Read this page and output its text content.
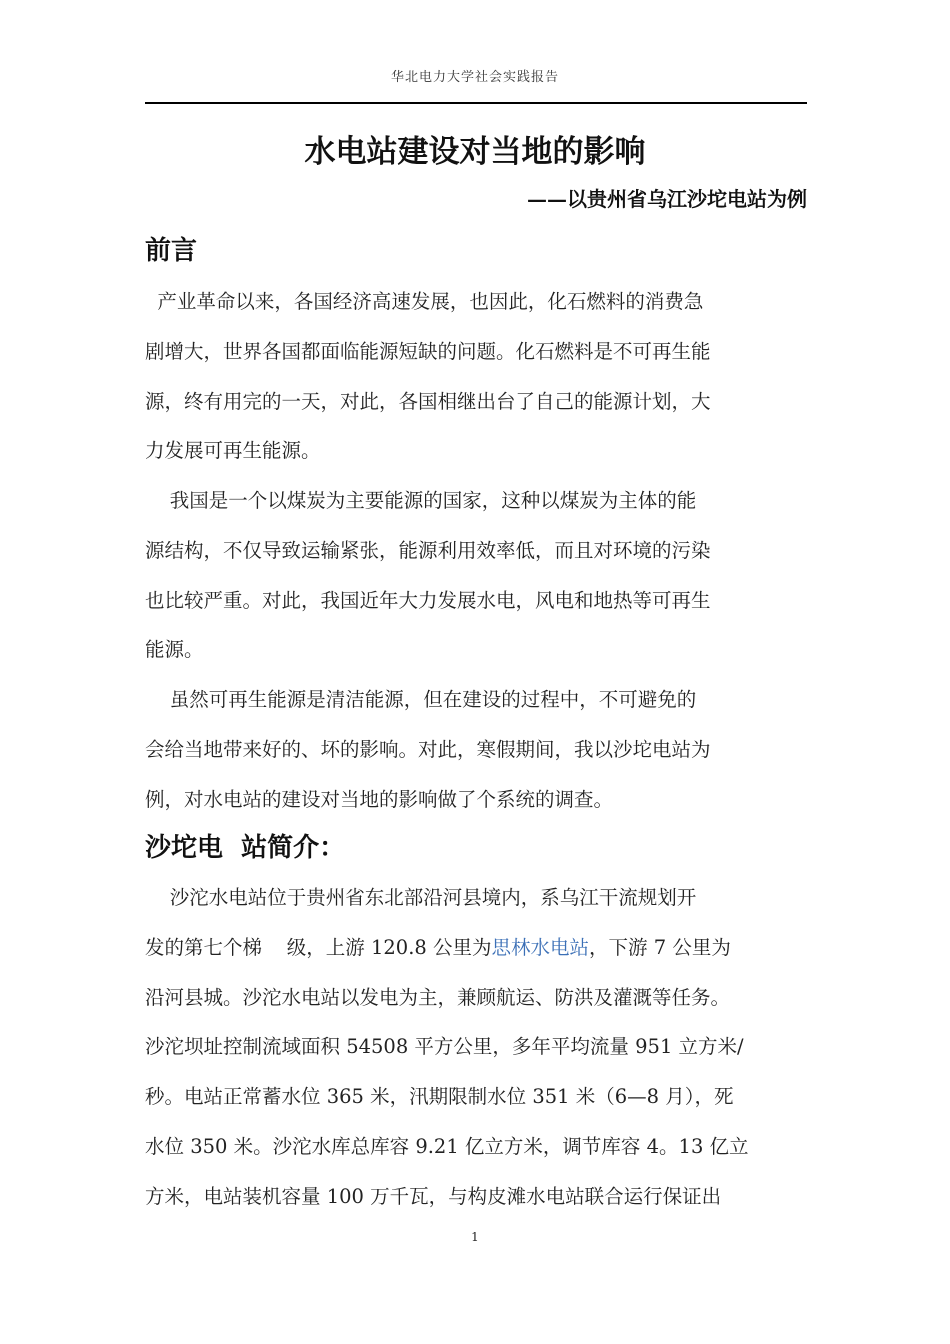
华北电力大学社会实践报告
水电站建设对当地的影响
——以贵州省乌江沙坨电站为例
前言
产业革命以来，各国经济高速发展，也因此，化石燃料的消费急
剧增大，世界各国都面临能源短缺的问题。化石燃料是不可再生能
源，终有用完的一天，对此，各国相继出台了自己的能源计划，大
力发展可再生能源。
我国是一个以煤炭为主要能源的国家，这种以煤炭为主体的能
源结构，不仅导致运输紧张，能源利用效率低，而且对环境的污染
也比较严重。对此，我国近年大力发展水电，风电和地热等可再生
能源。
虽然可再生能源是清洁能源，但在建设的过程中，不可避免的
会给当地带来好的、坏的影响。对此，寒假期间，我以沙坨电站为
例，对水电站的建设对当地的影响做了个系统的调查。
沙坨电  站简介：
沙沱水电站位于贵州省东北部沿河县境内，系乌江干流规划开
发的第七个梯    级，上游 120.8 公里为思林水电站，下游 7 公里为
沿河县城。沙沱水电站以发电为主，兼顾航运、防洪及灌溉等任务。
沙沱坝址控制流域面积 54508 平方公里，多年平均流量 951 立方米/
秒。电站正常蓄水位 365 米，汛期限制水位 351 米（6—8 月），死
水位 350 米。沙沱水库总库容 9.21 亿立方米，调节库容 4。13 亿立
方米，电站装机容量 100 万千瓦，与构皮滩水电站联合运行保证出
1
